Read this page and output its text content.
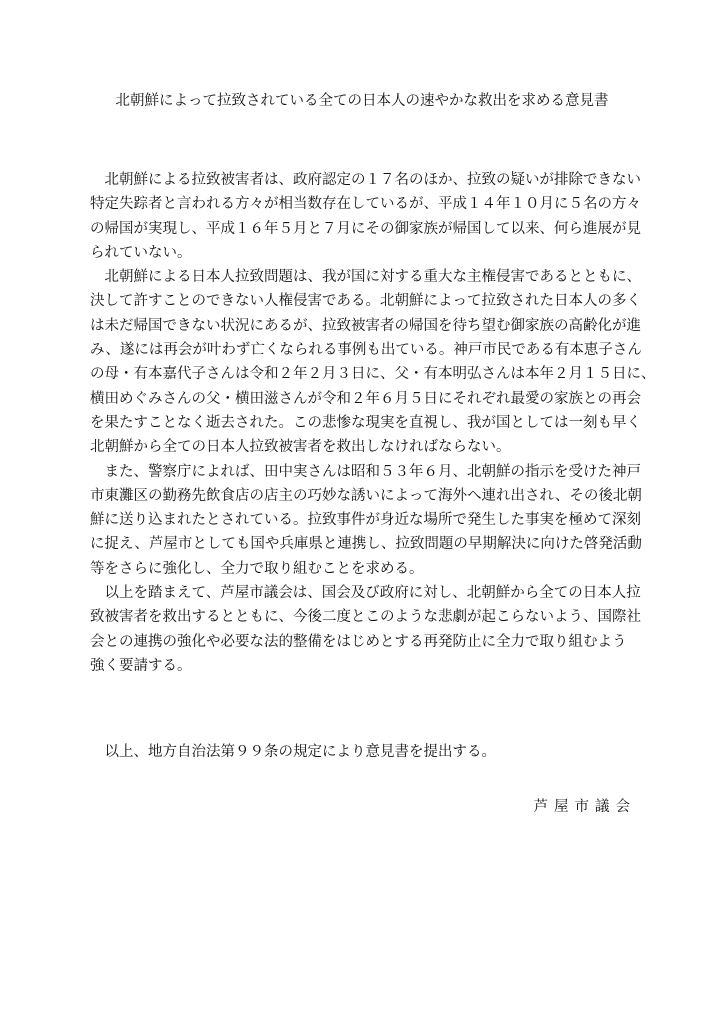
北朝鮮によって拉致されている全ての日本人の速やかな救出を求める意見書

北朝鮮による拉致被害者は、政府認定の１７名のほか、拉致の疑いが排除できない
特定失踪者と言われる方々が相当数存在しているが、平成１４年１０月に５名の方々
の帰国が実現し、平成１６年５月と７月にその御家族が帰国して以来、何ら進展が見
られていない。

北朝鮮による日本人拉致問題は、我が国に対する重大な主権侵害であるとともに、
決して許すことのできない人権侵害である。北朝鮮によって拉致された日本人の多く
は未だ帰国できない状況にあるが、拉致被害者の帰国を待ち望む御家族の高齢化が進
み、遂には再会が叶わず亡くなられる事例も出ている。神戸市民である有本恵子さん
の母・有本嘉代子さんは令和２年２月３日に、父・有本明弘さんは本年２月１５日に、
横田めぐみさんの父・横田滋さんが令和２年６月５日にそれぞれ最愛の家族との再会
を果たすことなく逝去された。この悲惨な現実を直視し、我が国としては一刻も早く
北朝鮮から全ての日本人拉致被害者を救出しなければならない。

また、警察庁によれば、田中実さんは昭和５３年６月、北朝鮮の指示を受けた神戸
市東灘区の勤務先飲食店の店主の巧妙な誘いによって海外へ連れ出され、その後北朝
鮮に送り込まれたとされている。拉致事件が身近な場所で発生した事実を極めて深刻
に捉え、芦屋市としても国や兵庫県と連携し、拉致問題の早期解決に向けた啓発活動
等をさらに強化し、全力で取り組むことを求める。

以上を踏まえて、芦屋市議会は、国会及び政府に対し、北朝鮮から全ての日本人拉
致被害者を救出するとともに、今後二度とこのような悲劇が起こらないよう、国際社
会との連携の強化や必要な法的整備をはじめとする再発防止に全力で取り組むよう
強く要請する。

以上、地方自治法第９９条の規定により意見書を提出する。
芦屋市議会
